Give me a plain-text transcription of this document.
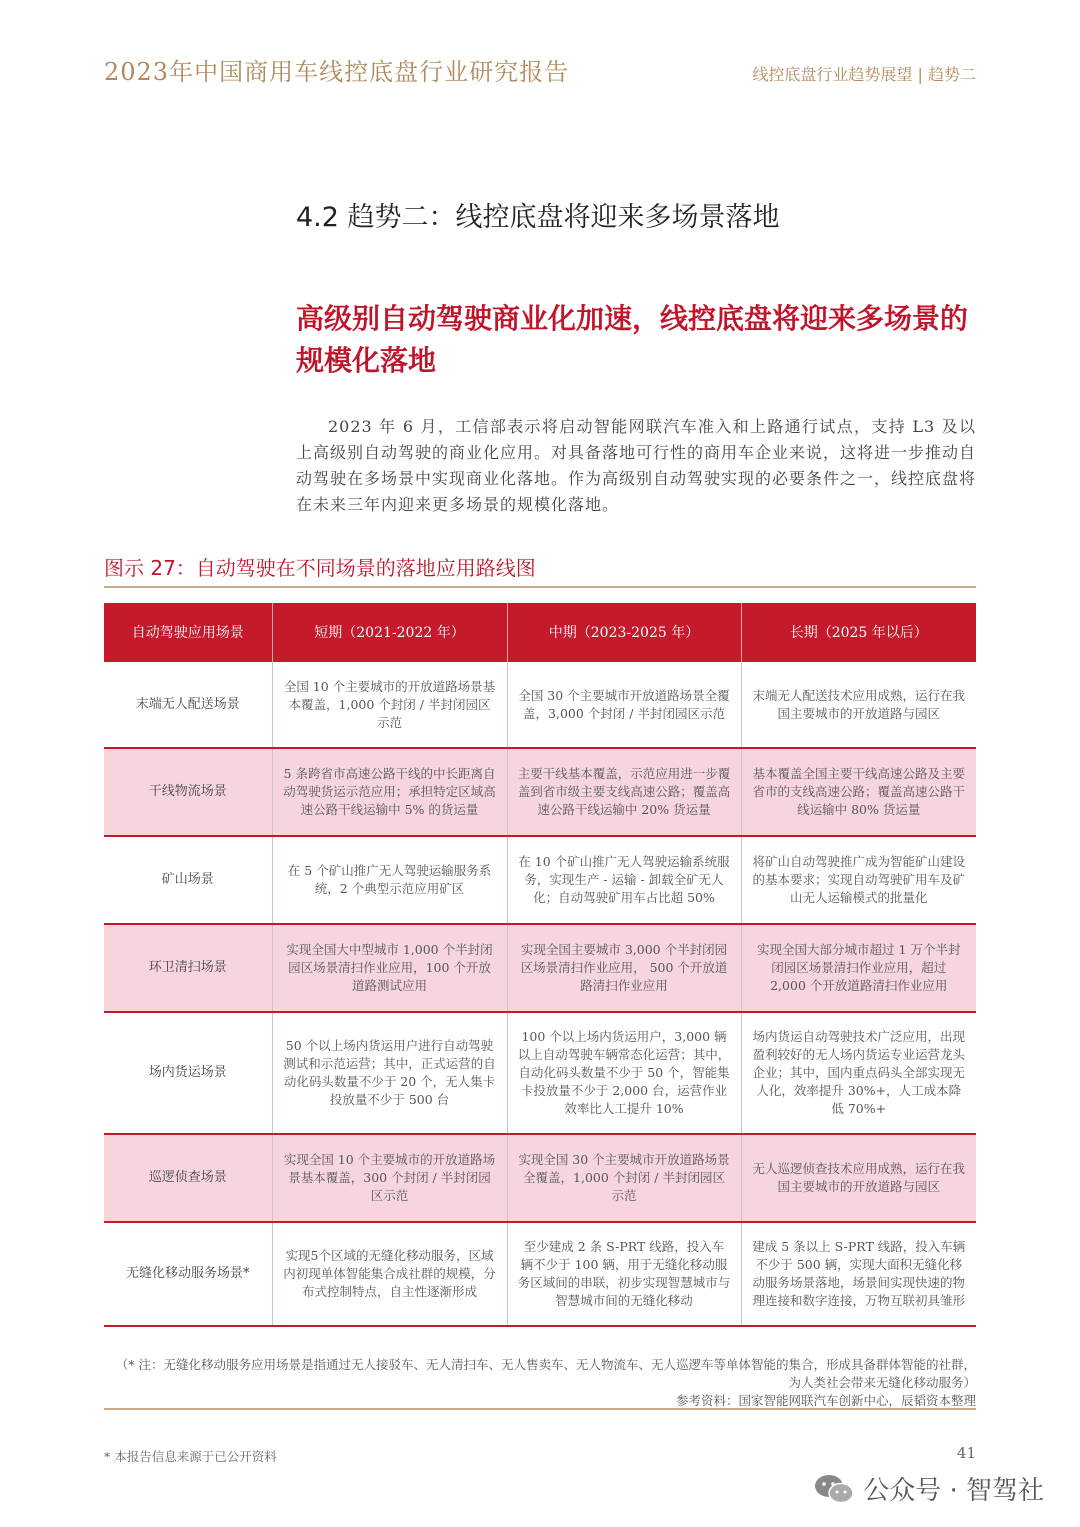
2023年中国商用车线控底盘行业研究报告	线控底盘行业趋势展望 | 趋势二
4.2 趋势二：线控底盘将迎来多场景落地
高级别自动驾驶商业化加速，线控底盘将迎来多场景的规模化落地
2023 年 6 月，工信部表示将启动智能网联汽车准入和上路通行试点，支持 L3 及以上高级别自动驾驶的商业化应用。对具备落地可行性的商用车企业来说，这将进一步推动自动驾驶在多场景中实现商业化落地。作为高级别自动驾驶实现的必要条件之一，线控底盘将在未来三年内迎来更多场景的规模化落地。
图示 27：自动驾驶在不同场景的落地应用路线图
自动驾驶应用场景	短期（2021-2022 年）	中期（2023-2025 年）	长期（2025 年以后）
末端无人配送场景	全国 10 个主要城市的开放道路场景基本覆盖，1,000 个封闭 / 半封闭园区示范	全国 30 个主要城市开放道路场景全覆盖，3,000 个封闭 / 半封闭园区示范	末端无人配送技术应用成熟，运行在我国主要城市的开放道路与园区
干线物流场景	5 条跨省市高速公路干线的中长距离自动驾驶货运示范应用；承担特定区域高速公路干线运输中 5% 的货运量	主要干线基本覆盖，示范应用进一步覆盖到省市级主要支线高速公路；覆盖高速公路干线运输中 20% 货运量	基本覆盖全国主要干线高速公路及主要省市的支线高速公路；覆盖高速公路干线运输中 80% 货运量
矿山场景	在 5 个矿山推广无人驾驶运输服务系统，2 个典型示范应用矿区	在 10 个矿山推广无人驾驶运输系统服务，实现生产 - 运输 - 卸载全矿无人化；自动驾驶矿用车占比超 50%	将矿山自动驾驶推广成为智能矿山建设的基本要求；实现自动驾驶矿用车及矿山无人运输模式的批量化
环卫清扫场景	实现全国大中型城市 1,000 个半封闭园区场景清扫作业应用，100 个开放道路测试应用	实现全国主要城市 3,000 个半封闭园区场景清扫作业应用， 500 个开放道路清扫作业应用	实现全国大部分城市超过 1 万个半封闭园区场景清扫作业应用，超过 2,000 个开放道路清扫作业应用
场内货运场景	50 个以上场内货运用户进行自动驾驶测试和示范运营；其中，正式运营的自动化码头数量不少于 20 个，无人集卡投放量不少于 500 台	100 个以上场内货运用户，3,000 辆以上自动驾驶车辆常态化运营；其中，自动化码头数量不少于 50 个，智能集卡投放量不少于 2,000 台，运营作业效率比人工提升 10%	场内货运自动驾驶技术广泛应用，出现盈利较好的无人场内货运专业运营龙头企业；其中，国内重点码头全部实现无人化，效率提升 30%+，人工成本降低 70%+
巡逻侦查场景	实现全国 10 个主要城市的开放道路场景基本覆盖，300 个封闭 / 半封闭园区示范	实现全国 30 个主要城市开放道路场景全覆盖，1,000 个封闭 / 半封闭园区示范	无人巡逻侦查技术应用成熟，运行在我国主要城市的开放道路与园区
无缝化移动服务场景*	实现5个区域的无缝化移动服务，区域内初现单体智能集合成社群的规模，分布式控制特点，自主性逐渐形成	至少建成 2 条 S-PRT 线路，投入车辆不少于 100 辆，用于无缝化移动服务区域间的串联，初步实现智慧城市与智慧城市间的无缝化移动	建成 5 条以上 S-PRT 线路，投入车辆不少于 500 辆，实现大面积无缝化移动服务场景落地，场景间实现快速的物理连接和数字连接，万物互联初具雏形
（* 注：无缝化移动服务应用场景是指通过无人接驳车、无人清扫车、无人售卖车、无人物流车、无人巡逻车等单体智能的集合，形成具备群体智能的社群，为人类社会带来无缝化移动服务）
参考资料：国家智能网联汽车创新中心，辰韬资本整理
* 本报告信息来源于已公开资料	41
公众号 · 智驾社
